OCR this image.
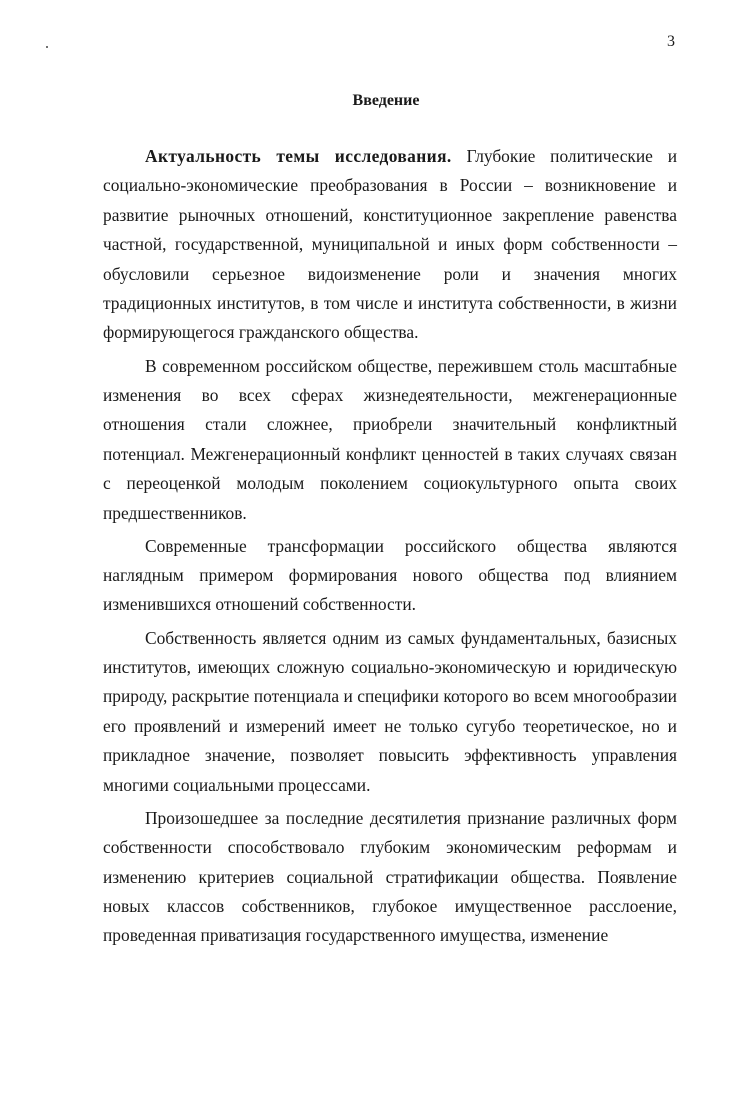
3
Введение

Актуальность темы исследования. Глубокие политические и социально-экономические преобразования в России – возникновение и развитие рыночных отношений, конституционное закрепление равенства частной, государственной, муниципальной и иных форм собственности – обусловили серьезное видоизменение роли и значения многих традиционных институтов, в том числе и института собственности, в жизни формирующегося гражданского общества.

В современном российском обществе, пережившем столь масштабные изменения во всех сферах жизнедеятельности, межгенерационные отношения стали сложнее, приобрели значительный конфликтный потенциал. Межгенерационный конфликт ценностей в таких случаях связан с переоценкой молодым поколением социокультурного опыта своих предшественников.

Современные трансформации российского общества являются наглядным примером формирования нового общества под влиянием изменившихся отношений собственности.

Собственность является одним из самых фундаментальных, базисных институтов, имеющих сложную социально-экономическую и юридическую природу, раскрытие потенциала и специфики которого во всем многообразии его проявлений и измерений имеет не только сугубо теоретическое, но и прикладное значение, позволяет повысить эффективность управления многими социальными процессами.

Произошедшее за последние десятилетия признание различных форм собственности способствовало глубоким экономическим реформам и изменению критериев социальной стратификации общества. Появление новых классов собственников, глубокое имущественное расслоение, проведенная приватизация государственного имущества, изменение
